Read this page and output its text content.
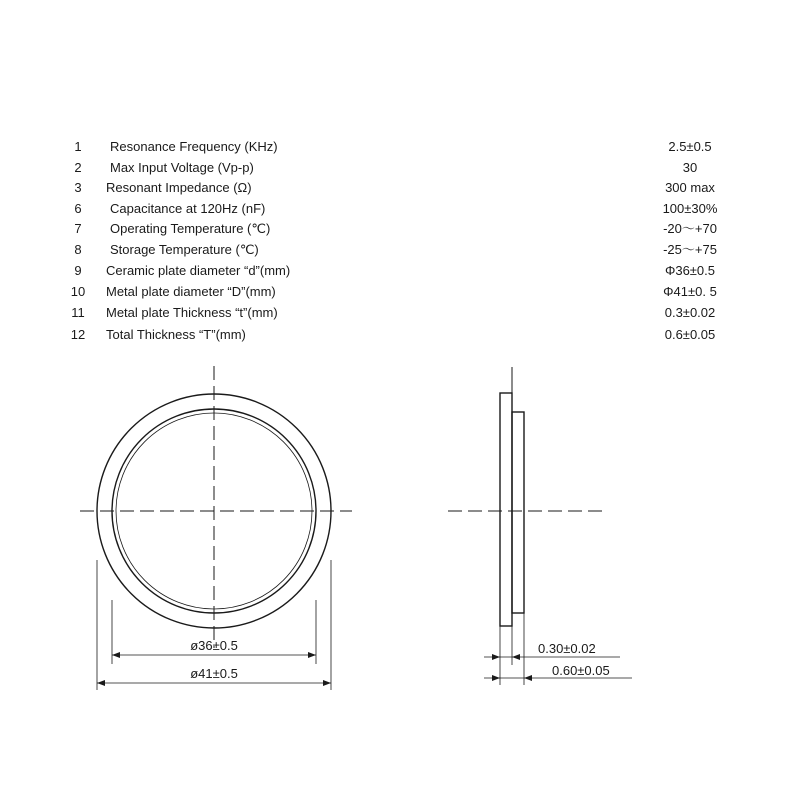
1	Resonance Frequency (KHz)	2.5±0.5
2	Max Input Voltage (Vp-p)	30
3	Resonant Impedance (Ω)	300 max
6	Capacitance at 120Hz (nF)	100±30%
7	Operating Temperature (℃)	-20～+70
8	Storage Temperature (℃)	-25～+75
9	Ceramic plate diameter “d”(mm)	Φ36±0.5
10	Metal plate diameter “D”(mm)	Φ41±0. 5
11	Metal plate Thickness “t”(mm)	0.3±0.02
12	Total Thickness “T”(mm)	0.6±0.05
ø36±0.5
ø41±0.5
0.30±0.02
0.60±0.05
